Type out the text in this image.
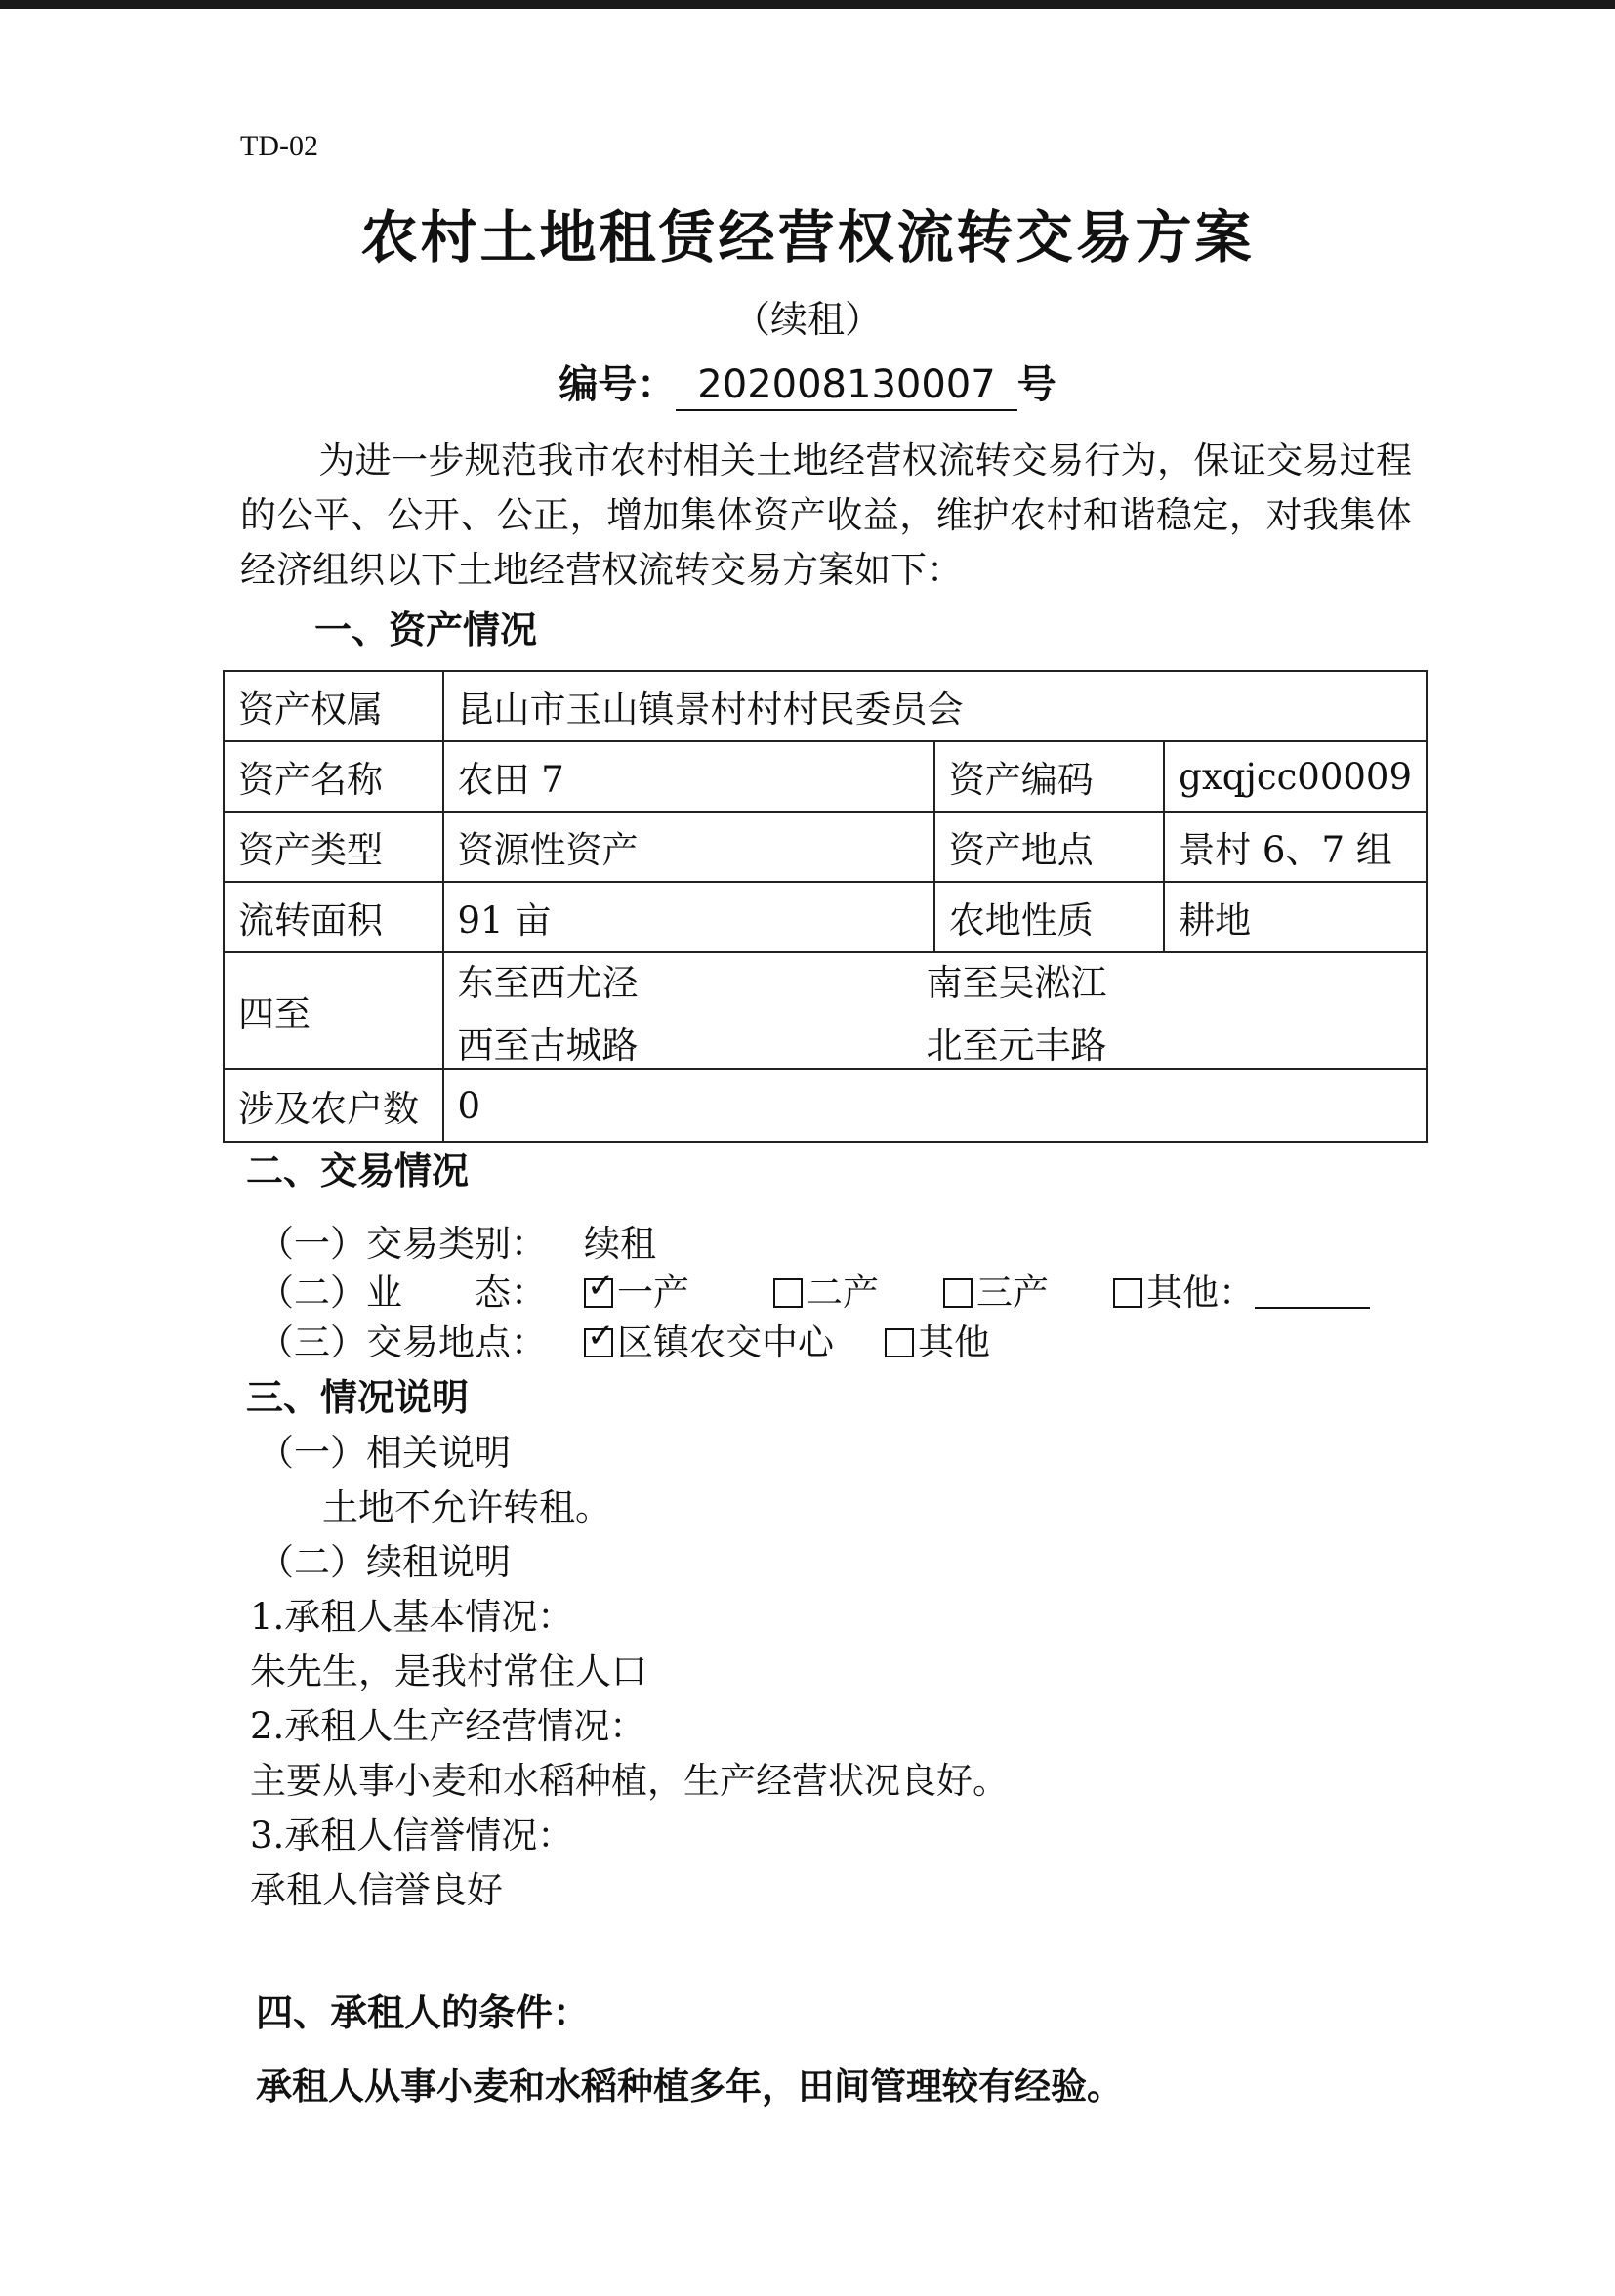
TD-02
农村土地租赁经营权流转交易方案
（续租）
编号： 202008130007 号
为进一步规范我市农村相关土地经营权流转交易行为，保证交易过程的公平、公开、公正，增加集体资产收益，维护农村和谐稳定，对我集体经济组织以下土地经营权流转交易方案如下：
一、资产情况
资产权属	昆山市玉山镇景村村村民委员会		
资产名称	农田 7	资产编码	gxqjcc00009
资产类型	资源性资产	资产地点	景村 6、7 组
流转面积	91 亩	农地性质	耕地
四至	东至西尤泾 南至吴淞江
西至古城路 北至元丰路		

涉及农户数	0		
二、交易情况
（一）交易类别： 续租
（二）业　　态： ✓	一产	二产	三产	其他：
（三）交易地点： ✓	区镇农交中心	其他
三、情况说明
（一）相关说明
土地不允许转租。
（二）续租说明
1.承租人基本情况：
朱先生，是我村常住人口
2.承租人生产经营情况：
主要从事小麦和水稻种植，生产经营状况良好。
3.承租人信誉情况：
承租人信誉良好
四、承租人的条件：
承租人从事小麦和水稻种植多年，田间管理较有经验。
